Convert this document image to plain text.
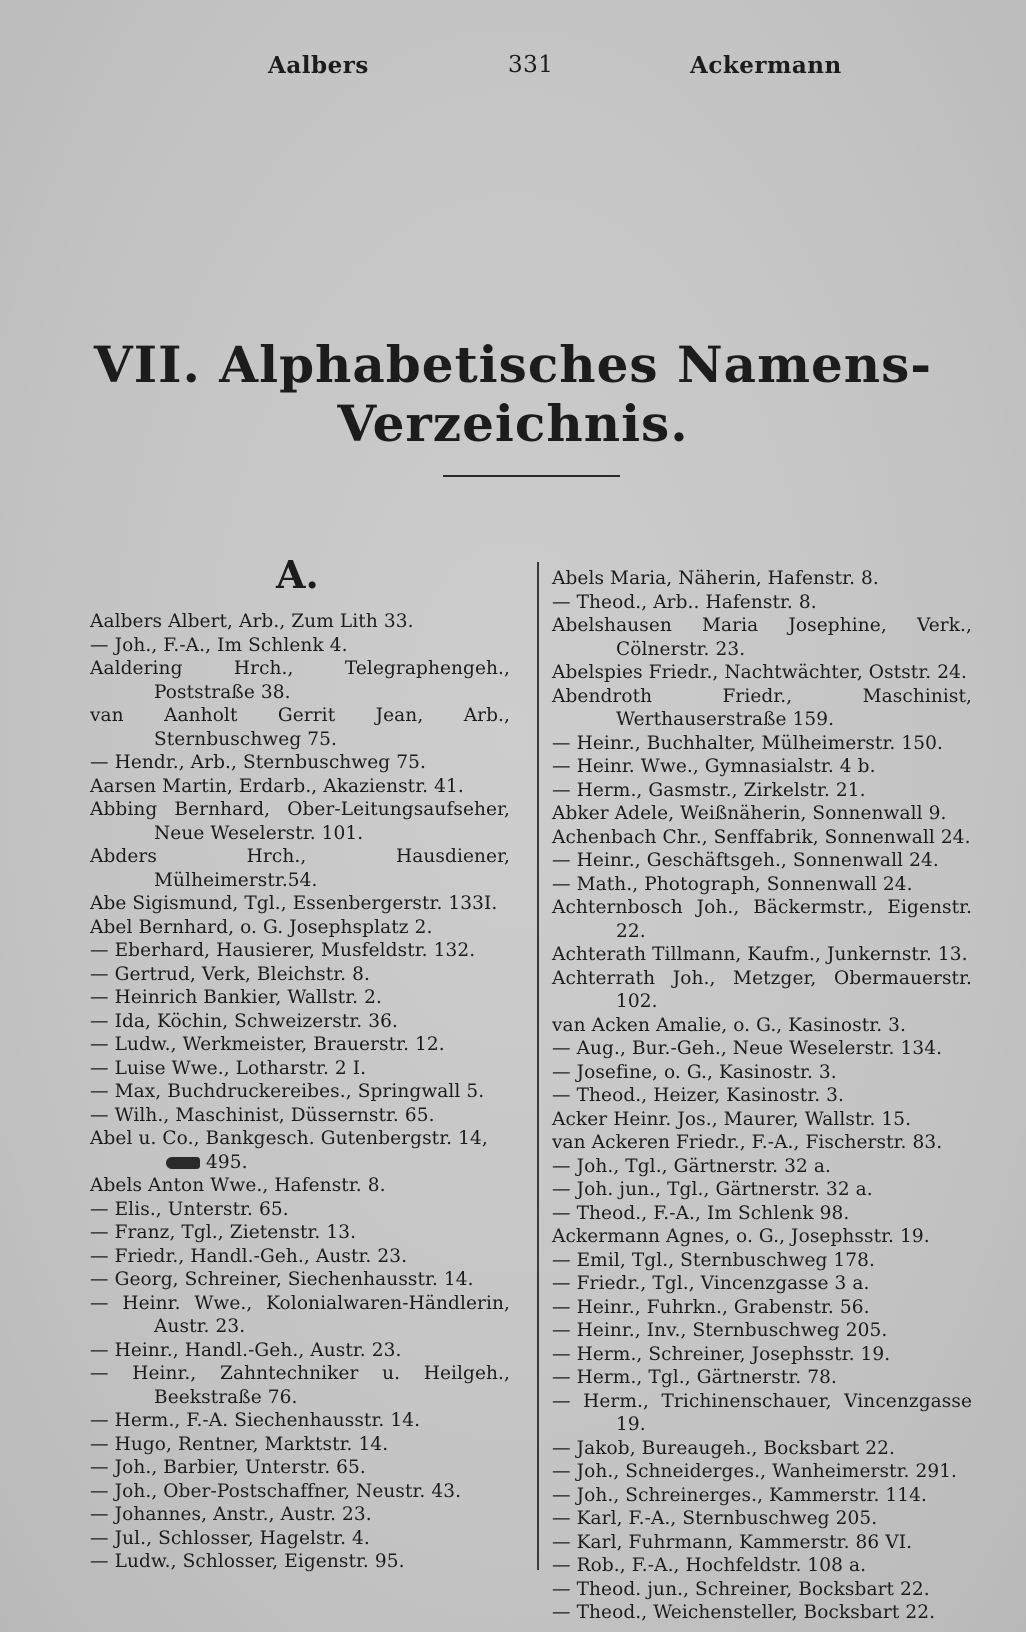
Aalbers	331	Ackermann
VII. Alphabetisches Namens-Verzeichnis.
A.
Aalbers Albert, Arb., Zum Lith 33.
— Joh., F.-A., Im Schlenk 4.
Aaldering Hrch., Telegraphengeh., Poststraße 38.
van Aanholt Gerrit Jean, Arb., Sternbuschweg 75.
— Hendr., Arb., Sternbuschweg 75.
Aarsen Martin, Erdarb., Akazienstr. 41.
Abbing Bernhard, Ober-Leitungsaufseher, Neue Weselerstr. 101.
Abders Hrch., Hausdiener, Mülheimerstr.54.
Abe Sigismund, Tgl., Essenbergerstr. 133I.
Abel Bernhard, o. G. Josephsplatz 2.
— Eberhard, Hausierer, Musfeldstr. 132.
— Gertrud, Verk, Bleichstr. 8.
— Heinrich Bankier, Wallstr. 2.
— Ida, Köchin, Schweizerstr. 36.
— Ludw., Werkmeister, Brauerstr. 12.
— Luise Wwe., Lotharstr. 2 I.
— Max, Buchdruckereibes., Springwall 5.
— Wilh., Maschinist, Düssernstr. 65.
Abel u. Co., Bankgesch. Gutenbergstr. 14,
495.
Abels Anton Wwe., Hafenstr. 8.
— Elis., Unterstr. 65.
— Franz, Tgl., Zietenstr. 13.
— Friedr., Handl.-Geh., Austr. 23.
— Georg, Schreiner, Siechenhausstr. 14.
— Heinr. Wwe., Kolonialwaren-Händlerin, Austr. 23.
— Heinr., Handl.-Geh., Austr. 23.
— Heinr., Zahntechniker u. Heilgeh., Beekstraße 76.
— Herm., F.-A. Siechenhausstr. 14.
— Hugo, Rentner, Marktstr. 14.
— Joh., Barbier, Unterstr. 65.
— Joh., Ober-Postschaffner, Neustr. 43.
— Johannes, Anstr., Austr. 23.
— Jul., Schlosser, Hagelstr. 4.
— Ludw., Schlosser, Eigenstr. 95.
Abels Maria, Näherin, Hafenstr. 8.
— Theod., Arb.. Hafenstr. 8.
Abelshausen Maria Josephine, Verk., Cölnerstr. 23.
Abelspies Friedr., Nachtwächter, Oststr. 24.
Abendroth Friedr., Maschinist, Werthauserstraße 159.
— Heinr., Buchhalter, Mülheimerstr. 150.
— Heinr. Wwe., Gymnasialstr. 4 b.
— Herm., Gasmstr., Zirkelstr. 21.
Abker Adele, Weißnäherin, Sonnenwall 9.
Achenbach Chr., Senffabrik, Sonnenwall 24.
— Heinr., Geschäftsgeh., Sonnenwall 24.
— Math., Photograph, Sonnenwall 24.
Achternbosch Joh., Bäckermstr., Eigenstr. 22.
Achterath Tillmann, Kaufm., Junkernstr. 13.
Achterrath Joh., Metzger, Obermauerstr. 102.
van Acken Amalie, o. G., Kasinostr. 3.
— Aug., Bur.-Geh., Neue Weselerstr. 134.
— Josefine, o. G., Kasinostr. 3.
— Theod., Heizer, Kasinostr. 3.
Acker Heinr. Jos., Maurer, Wallstr. 15.
van Ackeren Friedr., F.-A., Fischerstr. 83.
— Joh., Tgl., Gärtnerstr. 32 a.
— Joh. jun., Tgl., Gärtnerstr. 32 a.
— Theod., F.-A., Im Schlenk 98.
Ackermann Agnes, o. G., Josephsstr. 19.
— Emil, Tgl., Sternbuschweg 178.
— Friedr., Tgl., Vincenzgasse 3 a.
— Heinr., Fuhrkn., Grabenstr. 56.
— Heinr., Inv., Sternbuschweg 205.
— Herm., Schreiner, Josephsstr. 19.
— Herm., Tgl., Gärtnerstr. 78.
— Herm., Trichinenschauer, Vincenzgasse 19.
— Jakob, Bureaugeh., Bocksbart 22.
— Joh., Schneiderges., Wanheimerstr. 291.
— Joh., Schreinerges., Kammerstr. 114.
— Karl, F.-A., Sternbuschweg 205.
— Karl, Fuhrmann, Kammerstr. 86 VI.
— Rob., F.-A., Hochfeldstr. 108 a.
— Theod. jun., Schreiner, Bocksbart 22.
— Theod., Weichensteller, Bocksbart 22.
